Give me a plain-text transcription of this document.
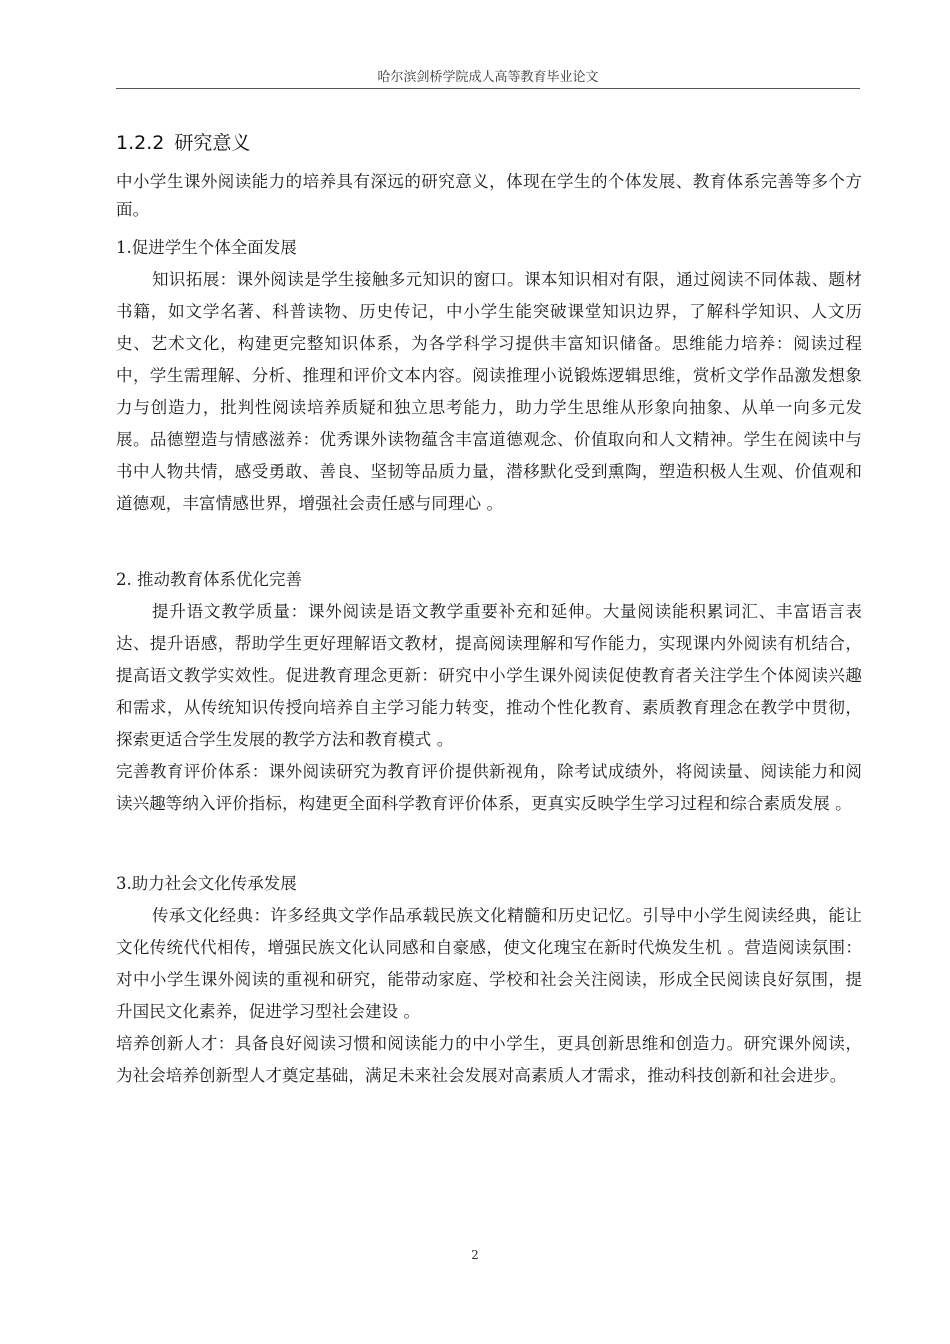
哈尔滨剑桥学院成人高等教育毕业论文
1.2.2 研究意义

中小学生课外阅读能力的培养具有深远的研究意义，体现在学生的个体发展、教育体系完善等多个方面。

1.促进学生个体全面发展

知识拓展：课外阅读是学生接触多元知识的窗口。课本知识相对有限，通过阅读不同体裁、题材书籍，如文学名著、科普读物、历史传记，中小学生能突破课堂知识边界，了解科学知识、人文历史、艺术文化，构建更完整知识体系，为各学科学习提供丰富知识储备。思维能力培养：阅读过程中，学生需理解、分析、推理和评价文本内容。阅读推理小说锻炼逻辑思维，赏析文学作品激发想象力与创造力，批判性阅读培养质疑和独立思考能力，助力学生思维从形象向抽象、从单一向多元发展。品德塑造与情感滋养：优秀课外读物蕴含丰富道德观念、价值取向和人文精神。学生在阅读中与书中人物共情，感受勇敢、善良、坚韧等品质力量，潜移默化受到熏陶，塑造积极人生观、价值观和道德观，丰富情感世界，增强社会责任感与同理心 。

2. 推动教育体系优化完善

提升语文教学质量：课外阅读是语文教学重要补充和延伸。大量阅读能积累词汇、丰富语言表达、提升语感，帮助学生更好理解语文教材，提高阅读理解和写作能力，实现课内外阅读有机结合，提高语文教学实效性。促进教育理念更新：研究中小学生课外阅读促使教育者关注学生个体阅读兴趣和需求，从传统知识传授向培养自主学习能力转变，推动个性化教育、素质教育理念在教学中贯彻，探索更适合学生发展的教学方法和教育模式 。

完善教育评价体系：课外阅读研究为教育评价提供新视角，除考试成绩外，将阅读量、阅读能力和阅读兴趣等纳入评价指标，构建更全面科学教育评价体系，更真实反映学生学习过程和综合素质发展 。

3.助力社会文化传承发展

传承文化经典：许多经典文学作品承载民族文化精髓和历史记忆。引导中小学生阅读经典，能让文化传统代代相传，增强民族文化认同感和自豪感，使文化瑰宝在新时代焕发生机 。营造阅读氛围：对中小学生课外阅读的重视和研究，能带动家庭、学校和社会关注阅读，形成全民阅读良好氛围，提升国民文化素养，促进学习型社会建设 。

培养创新人才：具备良好阅读习惯和阅读能力的中小学生，更具创新思维和创造力。研究课外阅读，为社会培养创新型人才奠定基础，满足未来社会发展对高素质人才需求，推动科技创新和社会进步。

2
